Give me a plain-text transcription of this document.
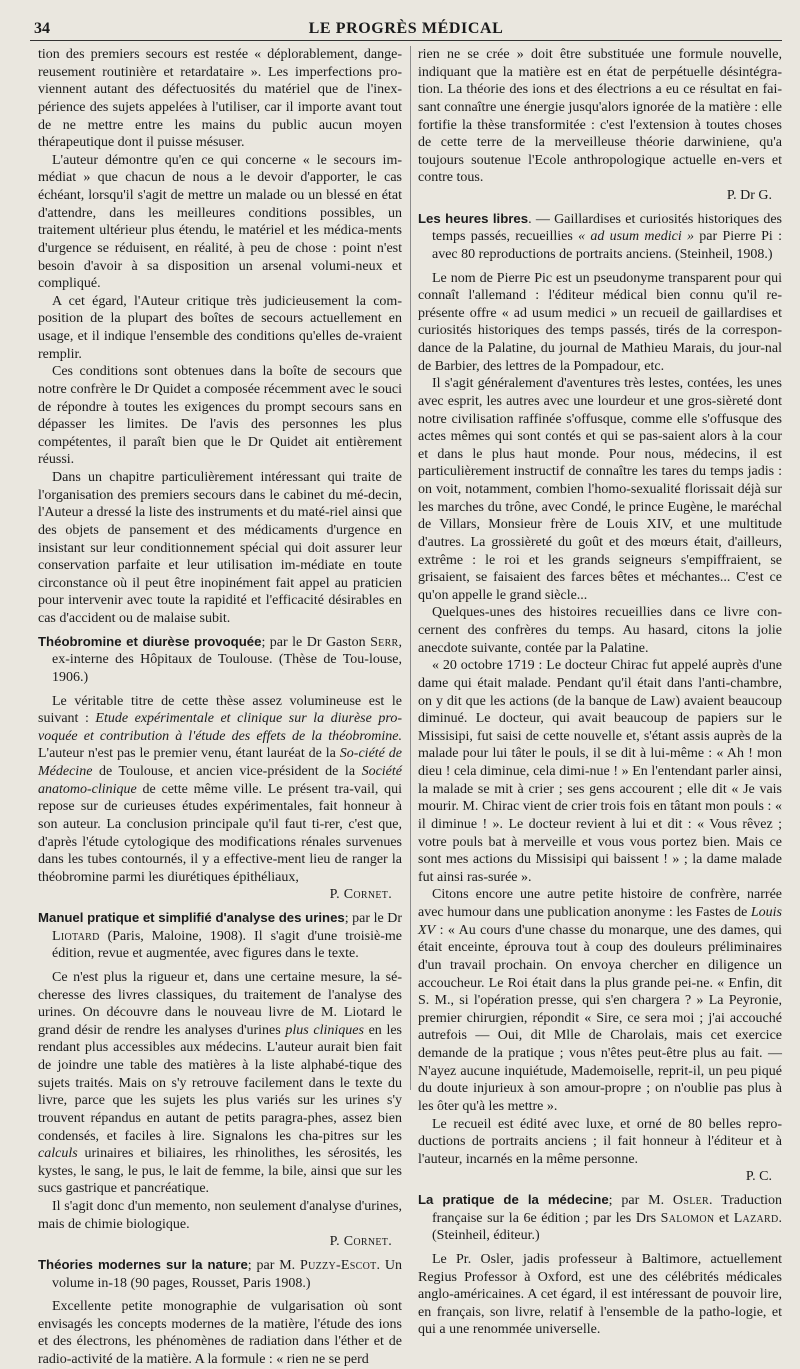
34	LE PROGRÈS MÉDICAL

tion des premiers secours est restée « déplorablement, dange-reusement routinière et retardataire ». Les imperfections pro-viennent autant des défectuosités du matériel que de l'inex-périence des sujets appelées à l'utiliser, car il importe avant tout de ne mettre entre les mains du public aucun moyen thérapeutique dont il puisse mésuser.

L'auteur démontre qu'en ce qui concerne « le secours im-médiat » que chacun de nous a le devoir d'apporter, le cas échéant, lorsqu'il s'agit de mettre un malade ou un blessé en état d'attendre, dans les meilleures conditions possibles, un traitement ultérieur plus étendu, le matériel et les médica-ments d'urgence se réduisent, en réalité, à peu de chose : point n'est besoin d'avoir à sa disposition un arsenal volumi-neux et compliqué.

A cet égard, l'Auteur critique très judicieusement la com-position de la plupart des boîtes de secours actuellement en usage, et il indique l'ensemble des conditions qu'elles de-vraient remplir.

Ces conditions sont obtenues dans la boîte de secours que notre confrère le Dr Quidet a composée récemment avec le souci de répondre à toutes les exigences du prompt secours sans en dépasser les limites. De l'avis des personnes les plus compétentes, il paraît bien que le Dr Quidet ait entièrement réussi.

Dans un chapitre particulièrement intéressant qui traite de l'organisation des premiers secours dans le cabinet du mé-decin, l'Auteur a dressé la liste des instruments et du maté-riel ainsi que des objets de pansement et des médicaments d'urgence en insistant sur leur conditionnement spécial qui doit assurer leur conservation parfaite et leur utilisation im-médiate en toute circonstance où il peut être inopinément fait appel au praticien pour intervenir avec toute la rapidité et l'efficacité désirables en cas d'accident ou de malaise subit.

Théobromine et diurèse provoquée; par le Dr Gaston Serr, ex-interne des Hôpitaux de Toulouse. (Thèse de Tou-louse, 1906.)

Le véritable titre de cette thèse assez volumineuse est le suivant : Etude expérimentale et clinique sur la diurèse pro-voquée et contribution à l'étude des effets de la théobromine. L'auteur n'est pas le premier venu, étant lauréat de la So-ciété de Médecine de Toulouse, et ancien vice-président de la Société anatomo-clinique de cette même ville. Le présent tra-vail, qui repose sur de curieuses études expérimentales, fait honneur à son auteur. La conclusion principale qu'il faut ti-rer, c'est que, d'après l'étude cytologique des modifications rénales survenues dans les tubes contournés, il y a effective-ment lieu de ranger la théobromine parmi les diurétiques épithéliaux,

P. Cornet.
Manuel pratique et simplifié d'analyse des urines; par le Dr Liotard (Paris, Maloine, 1908). Il s'agit d'une troisiè-me édition, revue et augmentée, avec figures dans le texte.

Ce n'est plus la rigueur et, dans une certaine mesure, la sé-cheresse des livres classiques, du traitement de l'analyse des urines. On découvre dans le nouveau livre de M. Liotard le grand désir de rendre les analyses d'urines plus cliniques en les rendant plus accessibles aux médecins. L'auteur aurait bien fait de joindre une table des matières à la liste alphabé-tique des sujets traités. Mais on s'y retrouve facilement dans le texte du livre, parce que les sujets les plus variés sur les urines s'y trouvent répandus en autant de petits paragra-phes, assez bien condensés, et faciles à lire. Signalons les cha-pitres sur les calculs urinaires et biliaires, les rhinolithes, les sérosités, les kystes, le sang, le pus, le lait de femme, la bile, ainsi que sur les sucs gastrique et pancréatique.

Il s'agit donc d'un memento, non seulement d'analyse d'urines, mais de chimie biologique.

P. Cornet.
Théories modernes sur la nature; par M. Puzzy-Escot. Un volume in-18 (90 pages, Rousset, Paris 1908.)

Excellente petite monographie de vulgarisation où sont envisagés les concepts modernes de la matière, l'étude des ions et des électrons, les phénomènes de radiation dans l'éther et de radio-activité de la matière. A la formule : « rien ne se perd

rien ne se crée » doit être substituée une formule nouvelle, indiquant que la matière est en état de perpétuelle désintégra-tion. La théorie des ions et des électrions a eu ce résultat en fai-sant connaître une énergie jusqu'alors ignorée de la matière : elle fortifie la thèse transformitée : c'est l'extension à toutes choses de cette terre de la merveilleuse théorie darwiniene, qu'a toujours soutenue l'Ecole anthropologique actuelle en-vers et contre tous.

P. Dr G.
Les heures libres. — Gaillardises et curiosités historiques des temps passés, recueillies « ad usum medici » par Pierre Pi : avec 80 reproductions de portraits anciens. (Steinheil, 1908.)

Le nom de Pierre Pic est un pseudonyme transparent pour qui connaît l'allemand : l'éditeur médical bien connu qu'il re-présente offre « ad usum medici » un recueil de gaillardises et curiosités historiques des temps passés, tirés de la correspon-dance de la Palatine, du journal de Mathieu Marais, du jour-nal de Barbier, des lettres de la Pompadour, etc.

Il s'agit généralement d'aventures très lestes, contées, les unes avec esprit, les autres avec une lourdeur et une gros-sièreté dont notre civilisation raffinée s'offusque, comme elle s'offusque des actes mêmes qui sont contés et qui se pas-saient alors à la cour et dans le plus haut monde. Pour nous, médecins, il est particulièrement instructif de connaître les tares du temps jadis : on voit, notamment, combien l'homo-sexualité florissait déjà sur les marches du trône, avec Condé, le prince Eugène, le maréchal de Villars, Monsieur frère de Louis XIV, et une multitude d'autres. La grossièreté du goût et des mœurs était, d'ailleurs, extrême : le roi et les grands seigneurs s'empiffraient, se grisaient, se faisaient des farces bêtes et méchantes... C'est ce qu'on appelle le grand siècle...

Quelques-unes des histoires recueillies dans ce livre con-cernent des confrères du temps. Au hasard, citons la jolie anecdote suivante, contée par la Palatine.

« 20 octobre 1719 : Le docteur Chirac fut appelé auprès d'une dame qui était malade. Pendant qu'il était dans l'anti-chambre, on y dit que les actions (de la banque de Law) avaient beaucoup diminué. Le docteur, qui avait beaucoup de papiers sur le Missisipi, fut saisi de cette nouvelle et, s'étant assis auprès de la malade pour lui tâter le pouls, il se dit à lui-même : « Ah ! mon dieu ! cela diminue, cela dimi-nue ! » En l'entendant parler ainsi, la malade se mit à crier ; ses gens accourent ; elle dit « Je vais mourir. M. Chirac vient de crier trois fois en tâtant mon pouls : « il diminue ! ». Le docteur revient à lui et dit : « Vous rêvez ; votre pouls bat à merveille et vous vous portez bien. Mais ce sont mes actions du Missisipi qui baissent ! » ; la dame malade fut ainsi ras-surée ».

Citons encore une autre petite histoire de confrère, narrée avec humour dans une publication anonyme : les Fastes de Louis XV : « Au cours d'une chasse du monarque, une des dames, qui était enceinte, éprouva tout à coup des douleurs préliminaires d'un travail prochain. On envoya chercher en diligence un accoucheur. Le Roi était dans la plus grande pei-ne. « Enfin, dit S. M., si l'opération presse, qui s'en chargera ? » La Peyronie, premier chirurgien, répondit « Sire, ce sera moi ; j'ai accouché autrefois — Oui, dit Mlle de Charolais, mais cet exercice demande de la pratique ; vous n'êtes peut-être plus au fait. — N'ayez aucune inquiétude, Mademoiselle, reprit-il, un peu piqué du doute injurieux à son amour-propre ; on n'oublie pas plus à les ôter qu'à les mettre ».

Le recueil est édité avec luxe, et orné de 80 belles repro-ductions de portraits anciens ; il fait honneur à l'éditeur et à l'auteur, incarnés en la même personne.

P. C.
La pratique de la médecine; par M. Osler. Traduction française sur la 6e édition ; par les Drs Salomon et Lazard. (Steinheil, éditeur.)

Le Pr. Osler, jadis professeur à Baltimore, actuellement Regius Professor à Oxford, est une des célébrités médicales anglo-américaines. A cet égard, il est intéressant de pouvoir lire, en français, son livre, relatif à l'ensemble de la patho-logie, et qui a une renommée universelle.
